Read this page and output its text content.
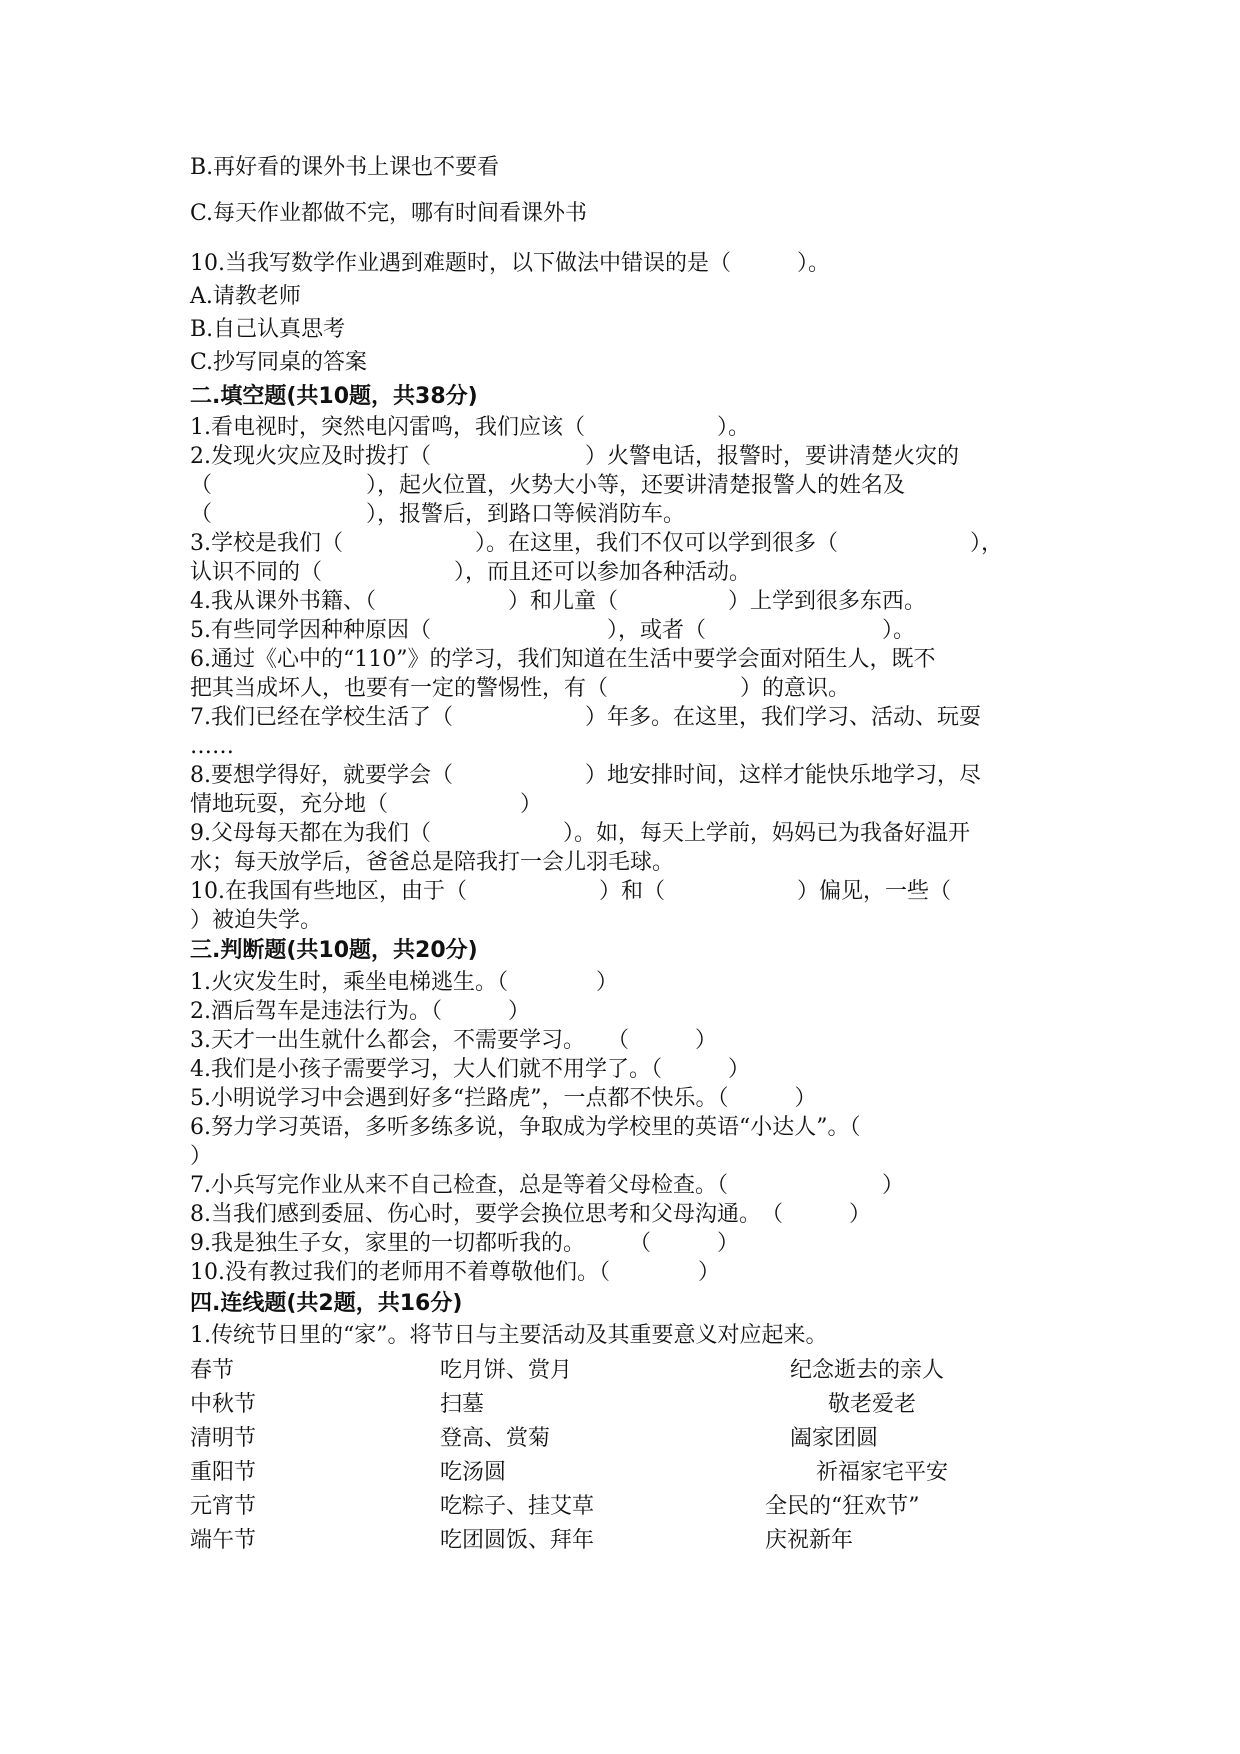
B.再好看的课外书上课也不要看
C.每天作业都做不完，哪有时间看课外书
10.当我写数学作业遇到难题时，以下做法中错误的是（　　　）。
A.请教老师
B.自己认真思考
C.抄写同桌的答案
二.填空题(共10题，共38分)
1.看电视时，突然电闪雷鸣，我们应该（　　　　　　）。
2.发现火灾应及时拨打（　　　　　　　）火警电话，报警时，要讲清楚火灾的
（　　　　　　　），起火位置，火势大小等，还要讲清楚报警人的姓名及
（　　　　　　　），报警后，到路口等候消防车。
3.学校是我们（　　　　　　）。在这里，我们不仅可以学到很多（　　　　　　），
认识不同的（　　　　　　），而且还可以参加各种活动。
4.我从课外书籍、（　　　　　　）和儿童（　　　　　）上学到很多东西。
5.有些同学因种种原因（　　　　　　　　），或者（　　　　　　　　）。
6.通过《心中的“110”》的学习，我们知道在生活中要学会面对陌生人，既不
把其当成坏人，也要有一定的警惕性，有（　　　　　　）的意识。
7.我们已经在学校生活了（　　　　　　）年多。在这里，我们学习、活动、玩耍
……
8.要想学得好，就要学会（　　　　　　）地安排时间，这样才能快乐地学习，尽
情地玩耍，充分地（　　　　　　）
9.父母每天都在为我们（　　　　　　）。如，每天上学前，妈妈已为我备好温开
水；每天放学后，爸爸总是陪我打一会儿羽毛球。
10.在我国有些地区，由于（　　　　　　）和（　　　　　　）偏见，一些（
）被迫失学。
三.判断题(共10题，共20分)
1.火灾发生时，乘坐电梯逃生。（　　　　）
2.酒后驾车是违法行为。（　　　）
3.天才一出生就什么都会，不需要学习。　　（　　　）
4.我们是小孩子需要学习，大人们就不用学了。（　　　）
5.小明说学习中会遇到好多“拦路虎”，一点都不快乐。（　　　）
6.努力学习英语，多听多练多说，争取成为学校里的英语“小达人”。（
）
7.小兵写完作业从来不自己检查，总是等着父母检查。（　　　　　　　）
8.当我们感到委屈、伤心时，要学会换位思考和父母沟通。　（　　　）
9.我是独生子女，家里的一切都听我的。　　　（　　　）
10.没有教过我们的老师用不着尊敬他们。（　　　　）
四.连线题(共2题，共16分)
1.传统节日里的“家”。将节日与主要活动及其重要意义对应起来。
春节	吃月饼、赏月	纪念逝去的亲人
中秋节	扫墓	敬老爱老
清明节	登高、赏菊	阖家团圆
重阳节	吃汤圆	祈福家宅平安
元宵节	吃粽子、挂艾草	全民的“狂欢节”
端午节	吃团圆饭、拜年	庆祝新年
